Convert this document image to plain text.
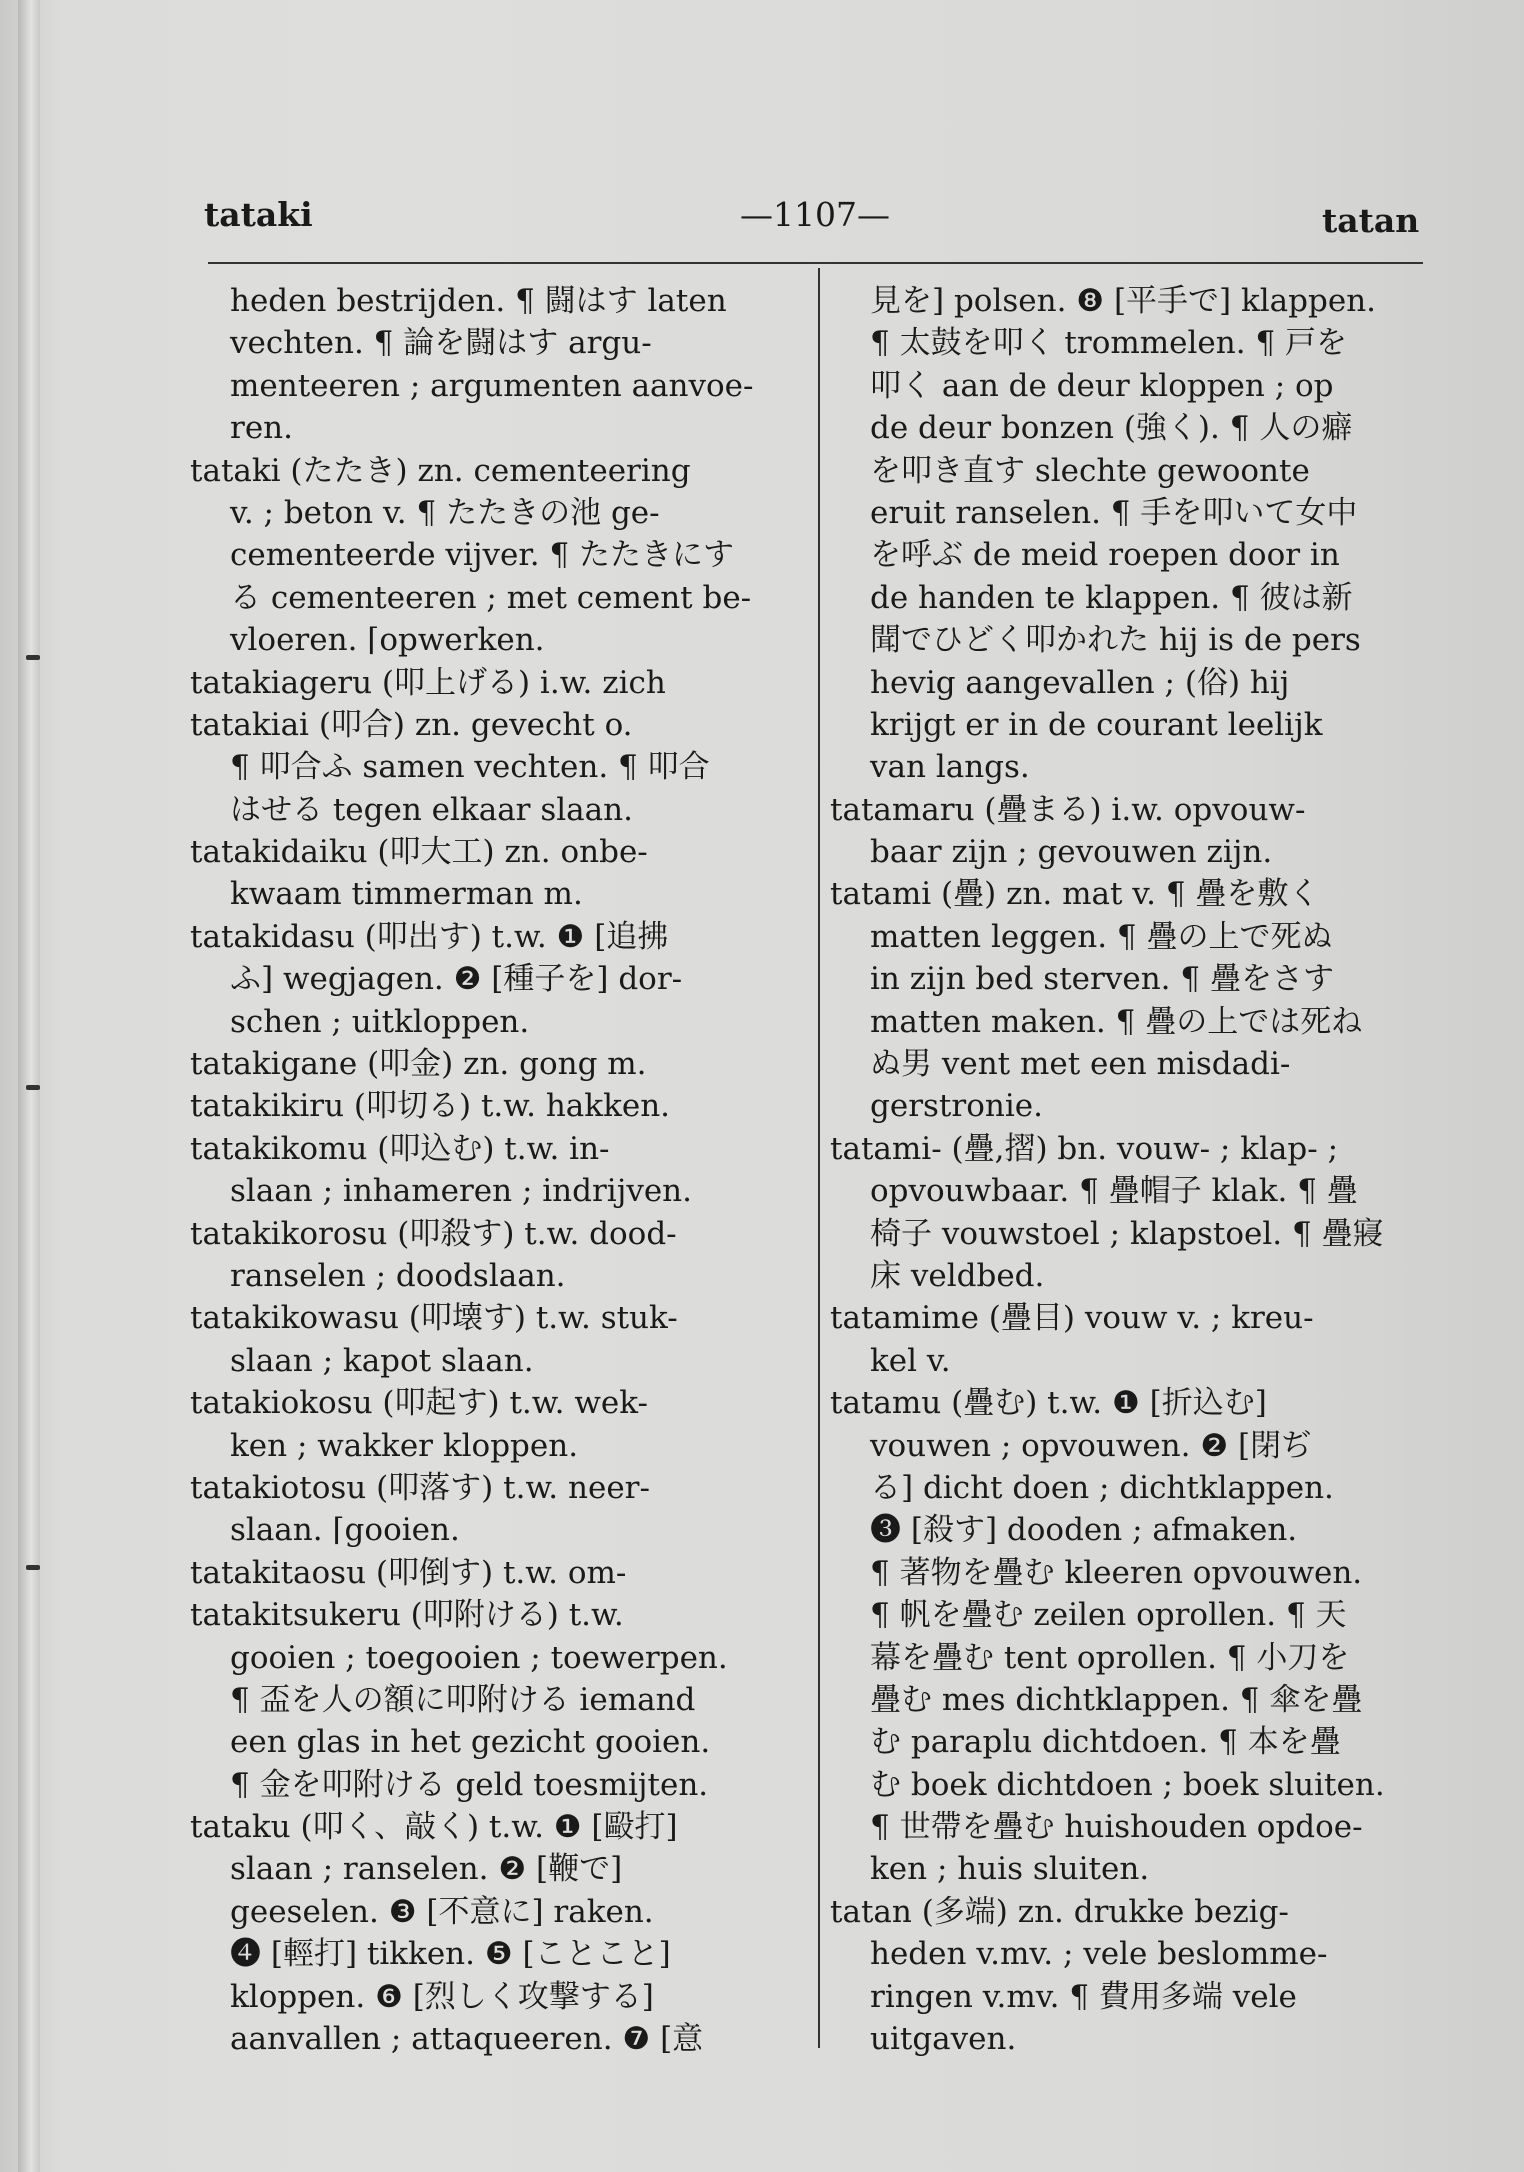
tataki	—1107—	tatan
heden bestrijden. ¶ 闘はす laten
vechten. ¶ 論を闘はす argu-
menteeren ; argumenten aanvoe-
ren.
tataki (たたき) zn. cementeering
v. ; beton v. ¶ たたきの池 ge-
cementeerde vijver. ¶ たたきにす
る cementeeren ; met cement be-
vloeren. ⌈opwerken.
tatakiageru (叩上げる) i.w. zich
tatakiai (叩合) zn. gevecht o.
¶ 叩合ふ samen vechten. ¶ 叩合
はせる tegen elkaar slaan.
tatakidaiku (叩大工) zn. onbe-
kwaam timmerman m.
tatakidasu (叩出す) t.w. ❶ [追拂
ふ] wegjagen. ❷ [種子を] dor-
schen ; uitkloppen.
tatakigane (叩金) zn. gong m.
tatakikiru (叩切る) t.w. hakken.
tatakikomu (叩込む) t.w. in-
slaan ; inhameren ; indrijven.
tatakikorosu (叩殺す) t.w. dood-
ranselen ; doodslaan.
tatakikowasu (叩壊す) t.w. stuk-
slaan ; kapot slaan.
tatakiokosu (叩起す) t.w. wek-
ken ; wakker kloppen.
tatakiotosu (叩落す) t.w. neer-
slaan. ⌈gooien.
tatakitaosu (叩倒す) t.w. om-
tatakitsukeru (叩附ける) t.w.
gooien ; toegooien ; toewerpen.
¶ 盃を人の額に叩附ける iemand
een glas in het gezicht gooien.
¶ 金を叩附ける geld toesmijten.
tataku (叩く、敲く) t.w. ❶ [毆打]
slaan ; ranselen. ❷ [鞭で]
geeselen. ❸ [不意に] raken.
❹ [輕打] tikken. ❺ [ことこと]
kloppen. ❻ [烈しく攻撃する]
aanvallen ; attaqueeren. ❼ [意
見を] polsen. ❽ [平手で] klappen.
¶ 太鼓を叩く trommelen. ¶ 戸を
叩く aan de deur kloppen ; op
de deur bonzen (強く). ¶ 人の癖
を叩き直す slechte gewoonte
eruit ranselen. ¶ 手を叩いて女中
を呼ぶ de meid roepen door in
de handen te klappen. ¶ 彼は新
聞でひどく叩かれた hij is de pers
hevig aangevallen ; (俗) hij
krijgt er in de courant leelijk
van langs.
tatamaru (疊まる) i.w. opvouw-
baar zijn ; gevouwen zijn.
tatami (疊) zn. mat v. ¶ 疊を敷く
matten leggen. ¶ 疊の上で死ぬ
in zijn bed sterven. ¶ 疊をさす
matten maken. ¶ 疊の上では死ね
ぬ男 vent met een misdadi-
gerstronie.
tatami- (疊,摺) bn. vouw- ; klap- ;
opvouwbaar. ¶ 疊帽子 klak. ¶ 疊
椅子 vouwstoel ; klapstoel. ¶ 疊寢
床 veldbed.
tatamime (疊目) vouw v. ; kreu-
kel v.
tatamu (疊む) t.w. ❶ [折込む]
vouwen ; opvouwen. ❷ [閉ぢ
る] dicht doen ; dichtklappen.
❸ [殺す] dooden ; afmaken.
¶ 著物を疊む kleeren opvouwen.
¶ 帆を疊む zeilen oprollen. ¶ 天
幕を疊む tent oprollen. ¶ 小刀を
疊む mes dichtklappen. ¶ 傘を疊
む paraplu dichtdoen. ¶ 本を疊
む boek dichtdoen ; boek sluiten.
¶ 世帶を疊む huishouden opdoe-
ken ; huis sluiten.
tatan (多端) zn. drukke bezig-
heden v.mv. ; vele beslomme-
ringen v.mv. ¶ 費用多端 vele
uitgaven.
